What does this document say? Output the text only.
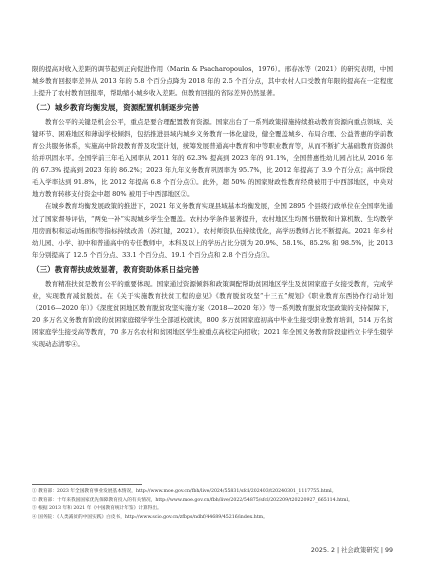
限的提高对收入差距的调节起到正向促进作用（Marin & Psacharopoulos，1976）。邢春冰等（2021）的研究表明，中国城乡教育回报率差异从 2013 年的 5.8 个百分点降为 2018 年的 2.5 个百分点，其中农村人口受教育年限的提高在一定程度上提升了农村教育回报率，帮助缩小城乡收入差距。但教育回报的省际差异仍然显著。

（二）城乡教育均衡发展，资源配置机制逐步完善

教育公平的关键是机会公平，重点是要合理配置教育资源。国家出台了一系列政策措施持续推动教育资源向重点领域、关键环节、困难地区和薄弱学校倾斜，包括推进县域内城乡义务教育一体化建设，健全覆盖城乡、布局合理、公益普惠的学前教育公共服务体系，实施高中阶段教育普及攻坚计划，统筹发展普通高中教育和中等职业教育等，从而不断扩大基础教育资源供给并巩固水平。全国学前三年毛入园率从 2011 年的 62.3% 提高到 2023 年的 91.1%，全国普惠性幼儿园占比从 2016 年的 67.3% 提高到 2023 年的 86.2%；2023 年九年义务教育巩固率为 95.7%，比 2012 年提高了 3.9 个百分点；高中阶段毛入学率达到 91.8%，比 2012 年提高 6.8 个百分点①。此外，超 50% 的国家财政性教育经费被用于中西部地区，中央对地方教育转移支付资金中超 80% 被用于中西部地区②。

在城乡教育均衡发展政策的推进下，2021 年义务教育实现县域基本均衡发展，全国 2895 个县级行政单位在全国率先通过了国家督导评估，“两免一补”实现城乡学生全覆盖。农村办学条件显著提升，农村地区生均图书册数和计算机数、生均教学用房面积和运动场面积等指标持续改善（苏红键，2021）。农村师资队伍持续优化，高学历教师占比不断提高。2021 年乡村幼儿园、小学、初中和普通高中的专任教师中，本科及以上的学历占比分别为 20.9%、58.1%、85.2% 和 98.5%，比 2013 年分别提高了 12.5 个百分点、33.1 个百分点、19.1 个百分点和 2.8 个百分点③。

（三）教育帮扶成效显著，教育资助体系日益完善

教育精准扶贫是教育公平的重要体现。国家通过资源倾斜和政策调配帮助贫困地区学生及贫困家庭子女接受教育，完成学业，实现教育减贫脱贫。在《关于实施教育扶贫工程的意见》《教育脱贫攻坚“十三五”规划》《职业教育东西协作行动计划（2016—2020 年）》《深度贫困地区教育脱贫攻坚实施方案（2018—2020 年）》等一系列教育脱贫攻坚政策的支持保障下，20 多万名义务教育阶段的贫困家庭辍学学生全部返校就读，800 多万贫困家庭初高中毕业生接受职业教育培训，514 万名贫困家庭学生接受高等教育，70 多万名农村和贫困地区学生被重点高校定向招收；2021 年全国义务教育阶段建档立卡学生辍学实现动态清零④。

① 教育部：2023 年全国教育事业发展基本情况，http://www.moe.gov.cn/fbh/live/2024/55831/sfcl/202403/t20240301_1117755.html。

② 教育部：十年来我国国家优先保障教育投入的有关情况，http://www.moe.gov.cn/fbh/live/2022/54875/sfcl/202209/t20220927_665114.html。

③ 根据 2013 年和 2021 年《中国教育统计年鉴》计算得出。

④ 国务院：《人类减贫的中国实践》白皮书，http://www.scio.gov.cn/zfbps/ndhf/44689/45216/index.htm。

2025. 2 | 社会政策研究 | 99
